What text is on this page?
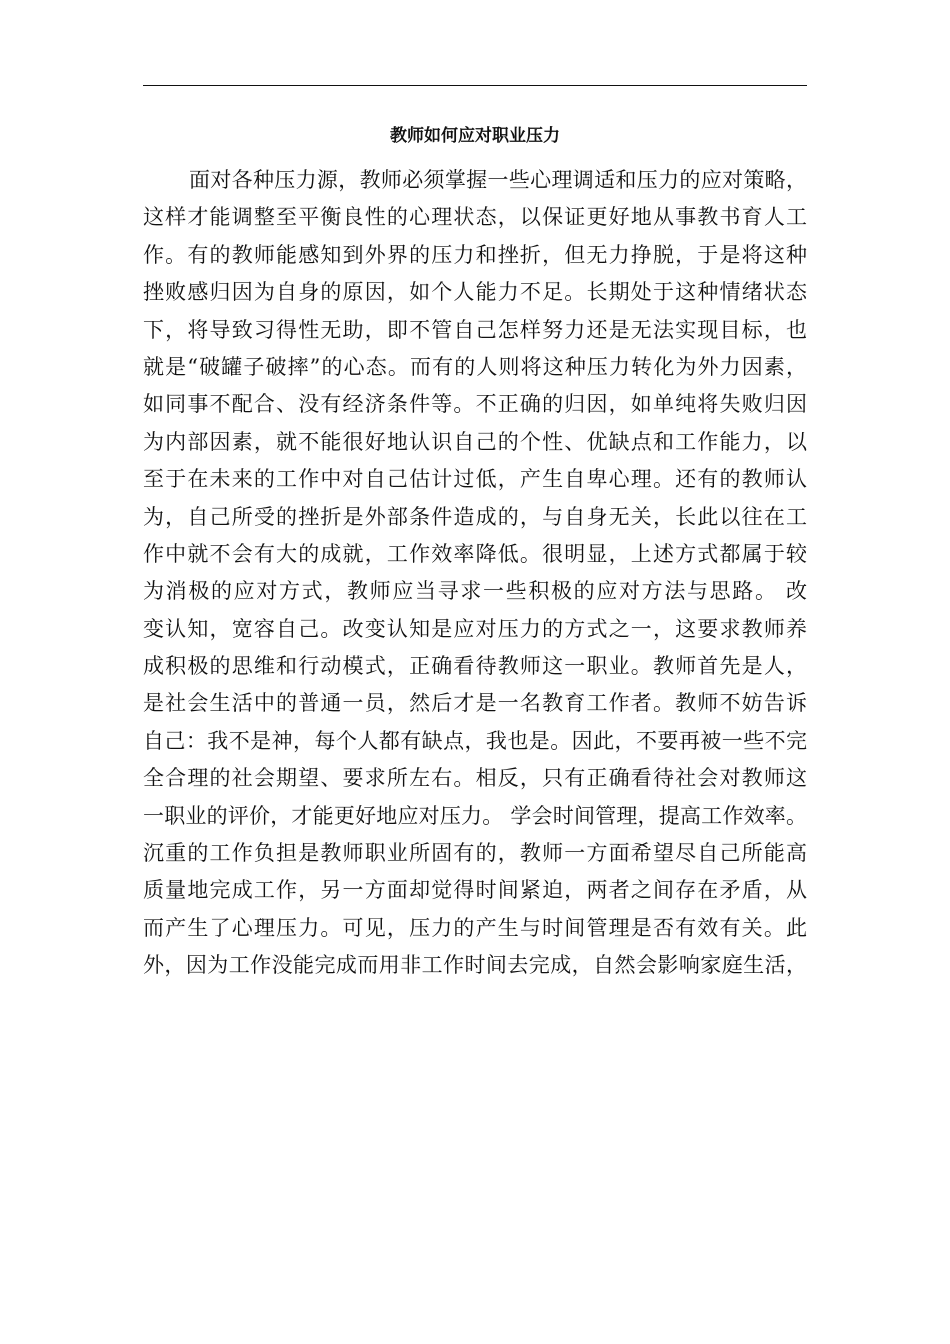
教师如何应对职业压力
面对各种压力源，教师必须掌握一些心理调适和压力的应对策略，
这样才能调整至平衡良性的心理状态，以保证更好地从事教书育人工
作。有的教师能感知到外界的压力和挫折，但无力挣脱，于是将这种
挫败感归因为自身的原因，如个人能力不足。长期处于这种情绪状态
下，将导致习得性无助，即不管自己怎样努力还是无法实现目标，也
就是“破罐子破摔”的心态。而有的人则将这种压力转化为外力因素，
如同事不配合、没有经济条件等。不正确的归因，如单纯将失败归因
为内部因素，就不能很好地认识自己的个性、优缺点和工作能力，以
至于在未来的工作中对自己估计过低，产生自卑心理。还有的教师认
为，自己所受的挫折是外部条件造成的，与自身无关，长此以往在工
作中就不会有大的成就，工作效率降低。很明显，上述方式都属于较
为消极的应对方式，教师应当寻求一些积极的应对方法与思路。 改
变认知，宽容自己。改变认知是应对压力的方式之一，这要求教师养
成积极的思维和行动模式，正确看待教师这一职业。教师首先是人，
是社会生活中的普通一员，然后才是一名教育工作者。教师不妨告诉
自己：我不是神，每个人都有缺点，我也是。因此，不要再被一些不完
全合理的社会期望、要求所左右。相反，只有正确看待社会对教师这
一职业的评价，才能更好地应对压力。 学会时间管理，提高工作效率。
沉重的工作负担是教师职业所固有的，教师一方面希望尽自己所能高
质量地完成工作，另一方面却觉得时间紧迫，两者之间存在矛盾，从
而产生了心理压力。可见，压力的产生与时间管理是否有效有关。此
外，因为工作没能完成而用非工作时间去完成，自然会影响家庭生活，
